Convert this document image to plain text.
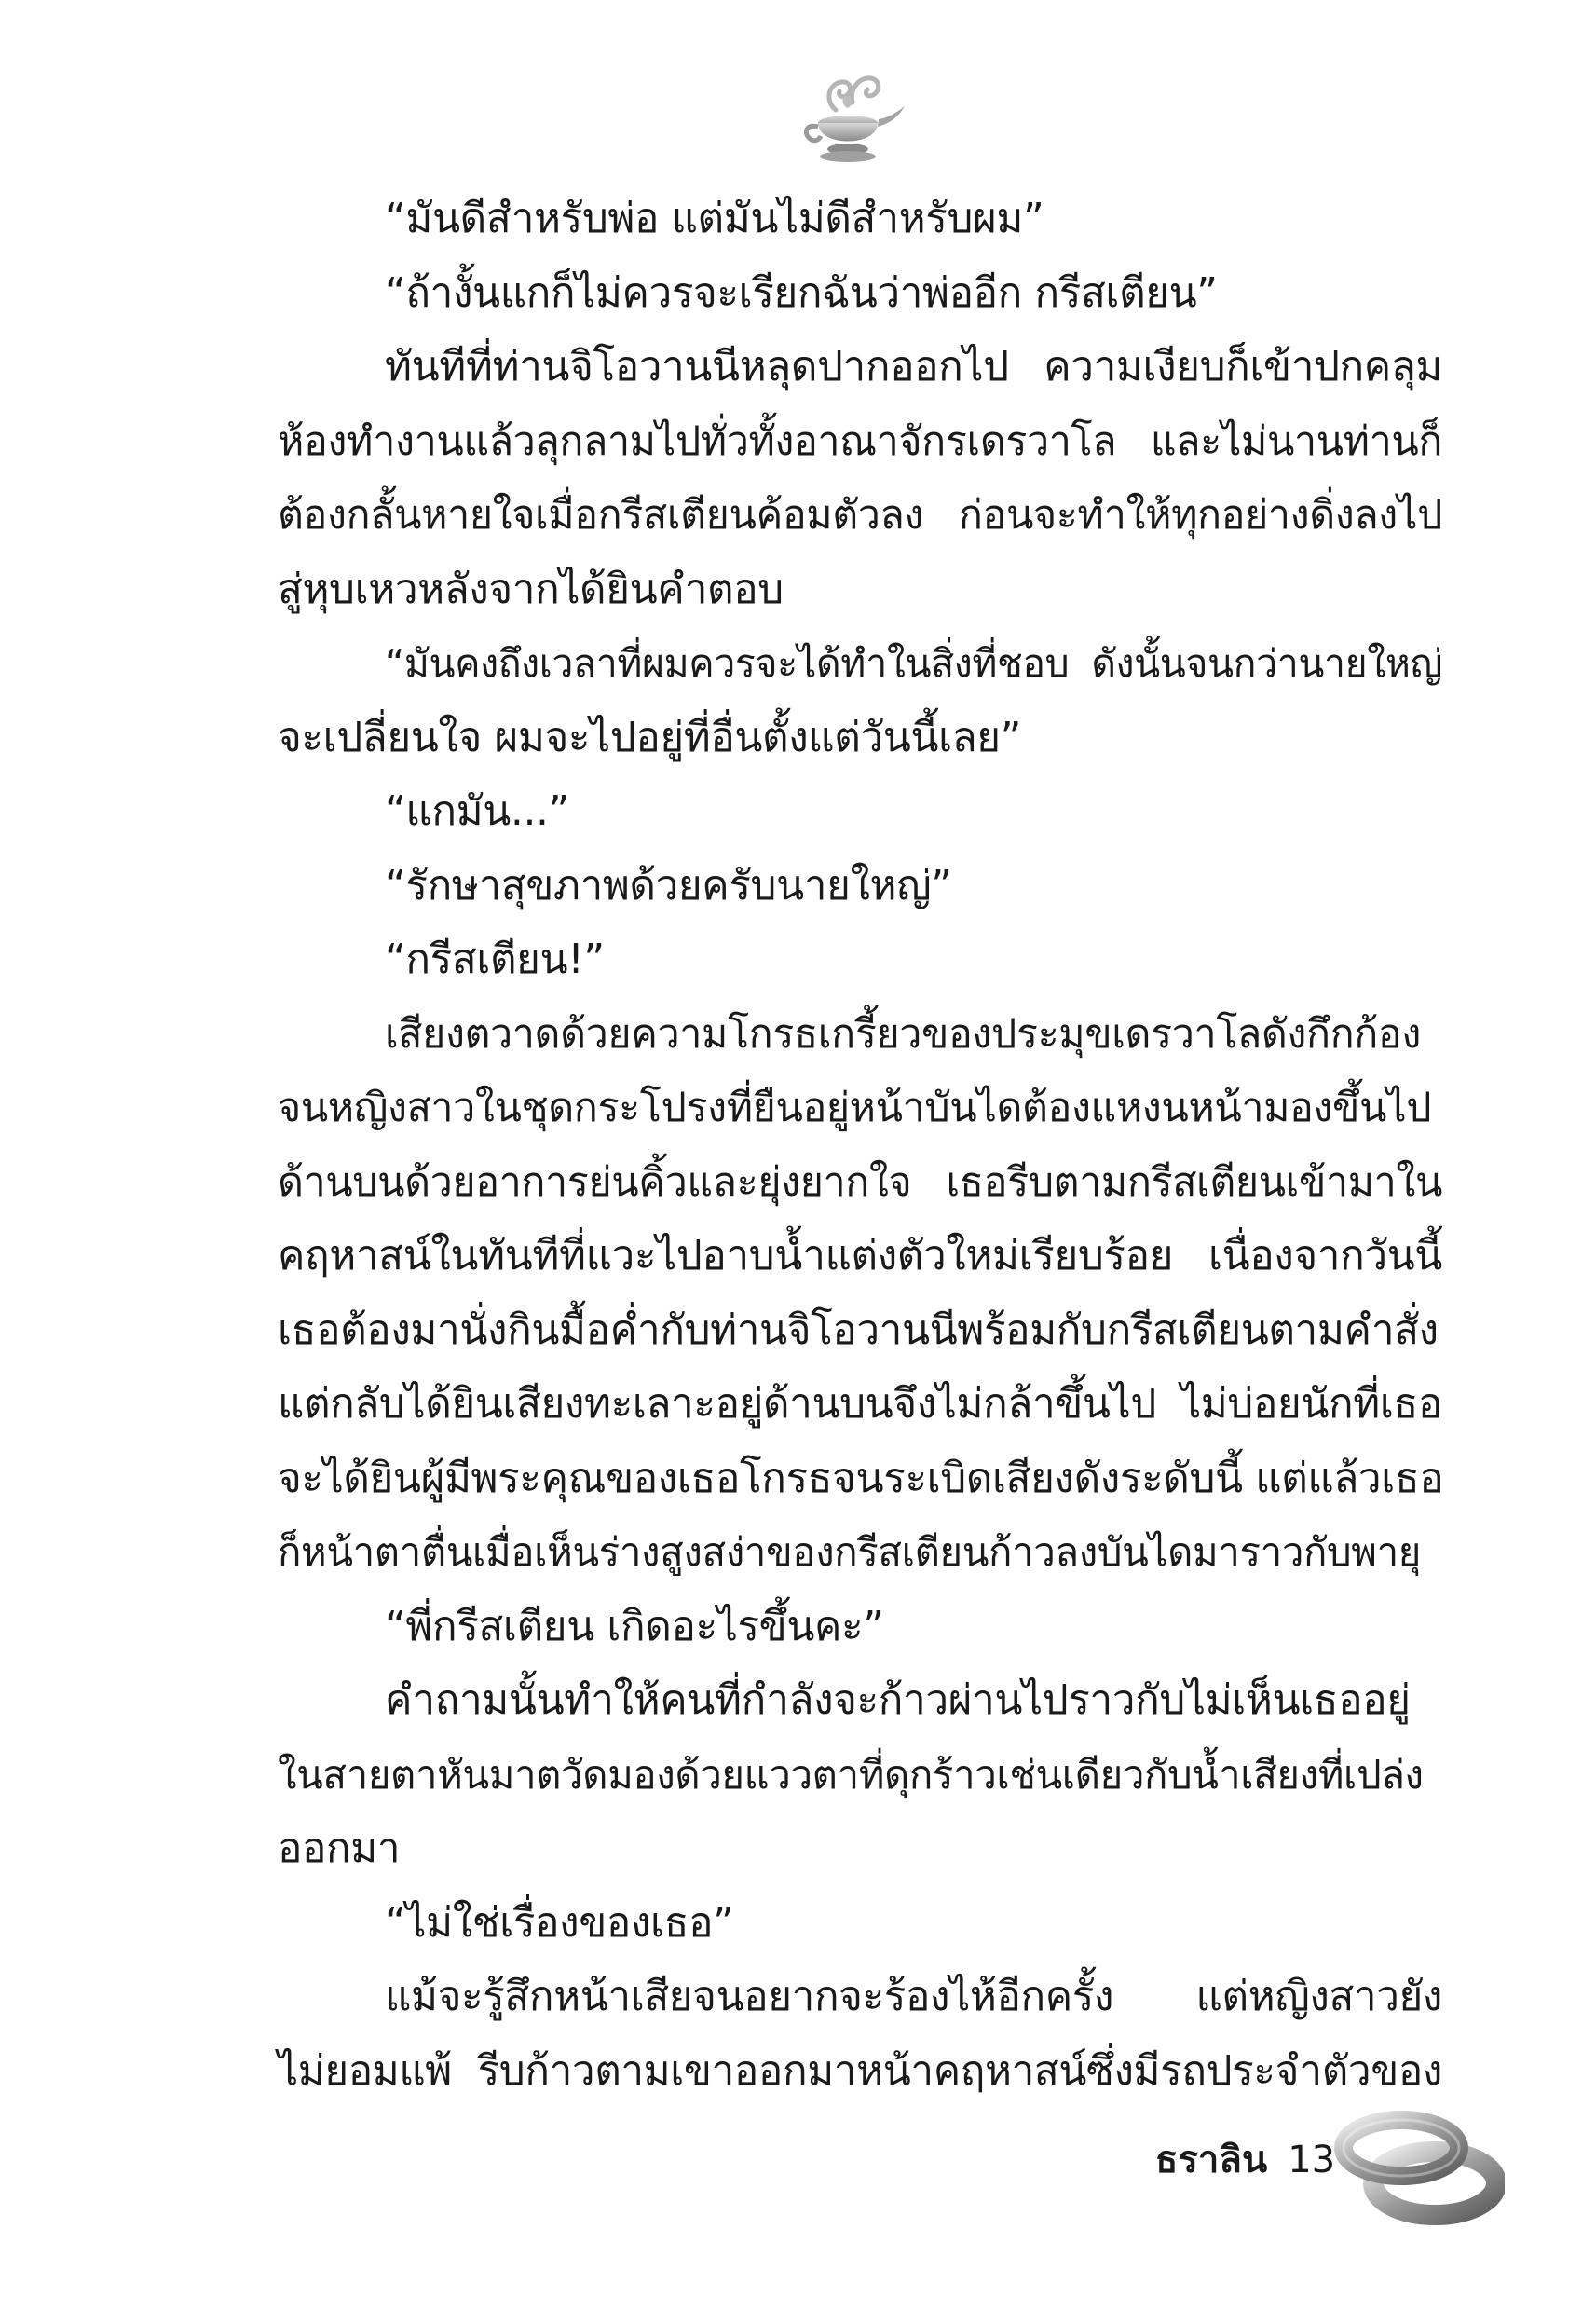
“มันดีสำหรับพ่อ แต่มันไม่ดีสำหรับผม”
“ถ้างั้นแกก็ไม่ควรจะเรียกฉันว่าพ่ออีก กรีสเตียน”
ทันทีที่ท่านจิโอวานนีหลุดปากออกไป ความเงียบก็เข้าปกคลุม
ห้องทำงานแล้วลุกลามไปทั่วทั้งอาณาจักรเดรวาโล และไม่นานท่านก็
ต้องกลั้นหายใจเมื่อกรีสเตียนค้อมตัวลง ก่อนจะทำให้ทุกอย่างดิ่งลงไป
สู่หุบเหวหลังจากได้ยินคำตอบ
“มันคงถึงเวลาที่ผมควรจะได้ทำในสิ่งที่ชอบ ดังนั้นจนกว่านายใหญ่
จะเปลี่ยนใจ ผมจะไปอยู่ที่อื่นตั้งแต่วันนี้เลย”
“แกมัน...”
“รักษาสุขภาพด้วยครับนายใหญ่”
“กรีสเตียน!”
เสียงตวาดด้วยความโกรธเกรี้ยวของประมุขเดรวาโลดังกึกก้อง
จนหญิงสาวในชุดกระโปรงที่ยืนอยู่หน้าบันไดต้องแหงนหน้ามองขึ้นไป
ด้านบนด้วยอาการย่นคิ้วและยุ่งยากใจ เธอรีบตามกรีสเตียนเข้ามาใน
คฤหาสน์ในทันทีที่แวะไปอาบน้ำแต่งตัวใหม่เรียบร้อย เนื่องจากวันนี้
เธอต้องมานั่งกินมื้อค่ำกับท่านจิโอวานนีพร้อมกับกรีสเตียนตามคำสั่ง
แต่กลับได้ยินเสียงทะเลาะอยู่ด้านบนจึงไม่กล้าขึ้นไป ไม่บ่อยนักที่เธอ
จะได้ยินผู้มีพระคุณของเธอโกรธจนระเบิดเสียงดังระดับนี้ แต่แล้วเธอ
ก็หน้าตาตื่นเมื่อเห็นร่างสูงสง่าของกรีสเตียนก้าวลงบันไดมาราวกับพายุ
“พี่กรีสเตียน เกิดอะไรขึ้นคะ”
คำถามนั้นทำให้คนที่กำลังจะก้าวผ่านไปราวกับไม่เห็นเธออยู่
ในสายตาหันมาตวัดมองด้วยแววตาที่ดุกร้าวเช่นเดียวกับน้ำเสียงที่เปล่ง
ออกมา
“ไม่ใช่เรื่องของเธอ”
แม้จะรู้สึกหน้าเสียจนอยากจะร้องไห้อีกครั้ง แต่หญิงสาวยัง
ไม่ยอมแพ้ รีบก้าวตามเขาออกมาหน้าคฤหาสน์ซึ่งมีรถประจำตัวของ
ธราลิน 13
